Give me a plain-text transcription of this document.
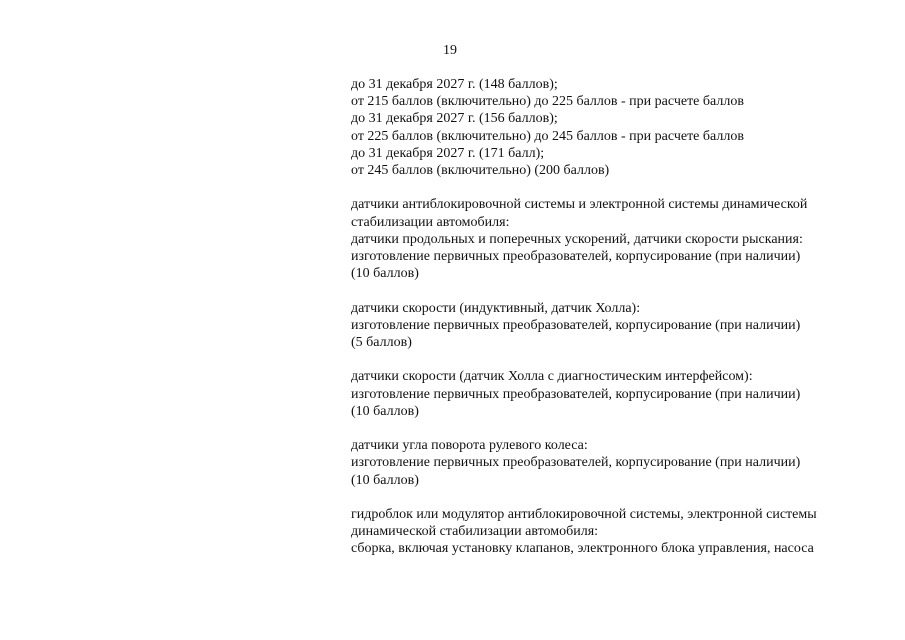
19
до 31 декабря 2027 г. (148 баллов);
от 215 баллов (включительно) до 225 баллов - при расчете баллов
до 31 декабря 2027 г. (156 баллов);
от 225 баллов (включительно) до 245 баллов - при расчете баллов
до 31 декабря 2027 г. (171 балл);
от 245 баллов (включительно) (200 баллов)
датчики антиблокировочной системы и электронной системы динамической
стабилизации автомобиля:
датчики продольных и поперечных ускорений, датчики скорости рыскания:
изготовление первичных преобразователей, корпусирование (при наличии)
(10 баллов)
датчики скорости (индуктивный, датчик Холла):
изготовление первичных преобразователей, корпусирование (при наличии)
(5 баллов)
датчики скорости (датчик Холла с диагностическим интерфейсом):
изготовление первичных преобразователей, корпусирование (при наличии)
(10 баллов)
датчики угла поворота рулевого колеса:
изготовление первичных преобразователей, корпусирование (при наличии)
(10 баллов)
гидроблок или модулятор антиблокировочной системы, электронной системы
динамической стабилизации автомобиля:
сборка, включая установку клапанов, электронного блока управления, насоса
